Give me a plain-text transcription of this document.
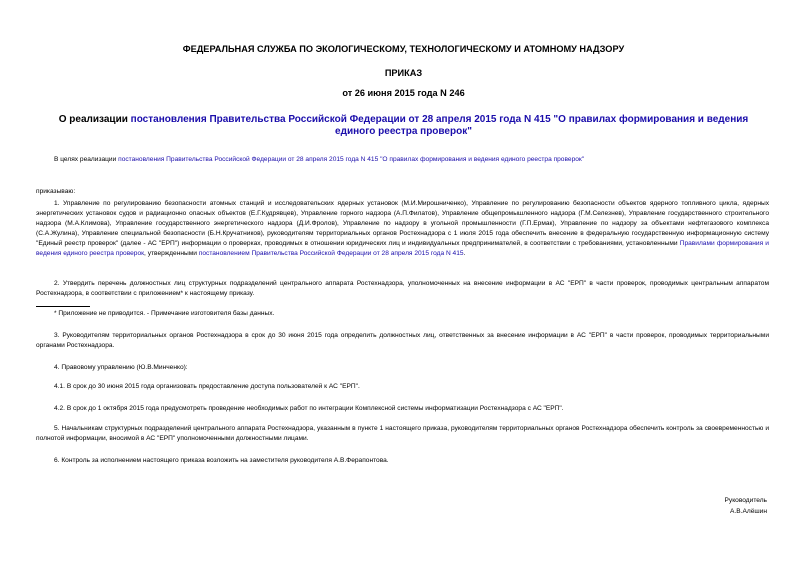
ФЕДЕРАЛЬНАЯ СЛУЖБА ПО ЭКОЛОГИЧЕСКОМУ, ТЕХНОЛОГИЧЕСКОМУ И АТОМНОМУ НАДЗОРУ
ПРИКАЗ
от 26 июня 2015 года N 246
О реализации постановления Правительства Российской Федерации от 28 апреля 2015 года N 415 "О правилах формирования и ведения единого реестра проверок"
В целях реализации постановления Правительства Российской Федерации от 28 апреля 2015 года N 415 "О правилах формирования и ведения единого реестра проверок"
приказываю:
1. Управление по регулированию безопасности атомных станций и исследовательских ядерных установок (М.И.Мирошниченко), Управление по регулированию безопасности объектов ядерного топливного цикла, ядерных энергетических установок судов и радиационно опасных объектов (Е.Г.Кудрявцев), Управление горного надзора (А.П.Филатов), Управление общепромышленного надзора (Г.М.Селезнев), Управление государственного строительного надзора (М.А.Климова), Управление государственного энергетического надзора (Д.И.Фролов), Управление по надзору в угольной промышленности (Г.П.Ермак), Управление по надзору за объектами нефтегазового комплекса (С.А.Жулина), Управление специальной безопасности (Б.Н.Кручатников), руководителям территориальных органов Ростехнадзора с 1 июля 2015 года обеспечить внесение в федеральную государственную информационную систему "Единый реестр проверок" (далее - АС "ЕРП") информации о проверках, проводимых в отношении юридических лиц и индивидуальных предпринимателей, в соответствии с требованиями, установленными Правилами формирования и ведения единого реестра проверок, утвержденными постановлением Правительства Российской Федерации от 28 апреля 2015 года N 415.
2. Утвердить перечень должностных лиц структурных подразделений центрального аппарата Ростехнадзора, уполномоченных на внесение информации в АС "ЕРП" в части проверок, проводимых центральным аппаратом Ростехнадзора, в соответствии с приложением* к настоящему приказу.
* Приложение не приводится. - Примечание изготовителя базы данных.
3. Руководителям территориальных органов Ростехнадзора в срок до 30 июня 2015 года определить должностных лиц, ответственных за внесение информации в АС "ЕРП" в части проверок, проводимых территориальными органами Ростехнадзора.
4. Правовому управлению (Ю.В.Минченко):
4.1. В срок до 30 июня 2015 года организовать предоставление доступа пользователей к АС "ЕРП".
4.2. В срок до 1 октября 2015 года предусмотреть проведение необходимых работ по интеграции Комплексной системы информатизации Ростехнадзора с АС "ЕРП".
5. Начальникам структурных подразделений центрального аппарата Ростехнадзора, указанным в пункте 1 настоящего приказа, руководителям территориальных органов Ростехнадзора обеспечить контроль за своевременностью и полнотой информации, вносимой в АС "ЕРП" уполномоченными должностными лицами.
6. Контроль за исполнением настоящего приказа возложить на заместителя руководителя А.В.Ферапонтова.
Руководитель
А.В.Алёшин
